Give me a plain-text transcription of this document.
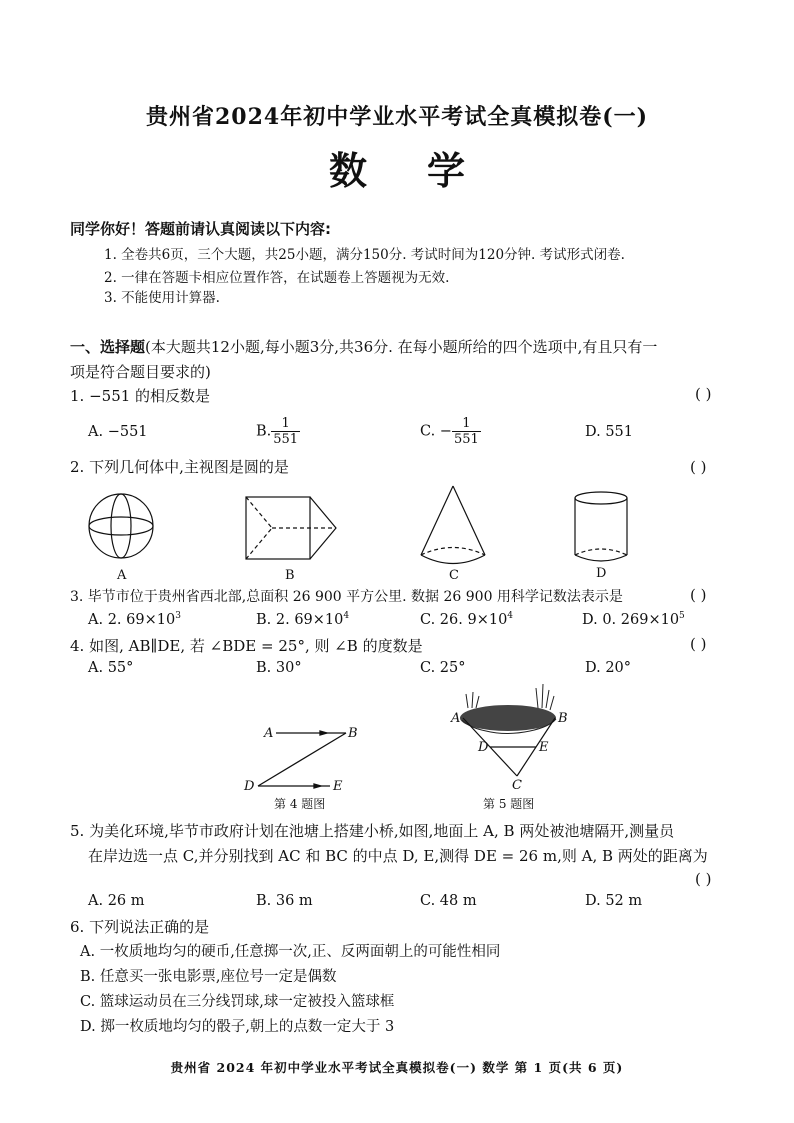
贵州省2024年初中学业水平考试全真模拟卷(一)
数 学
同学你好！答题前请认真阅读以下内容:
1. 全卷共6页，三个大题，共25小题，满分150分. 考试时间为120分钟. 考试形式闭卷.
2. 一律在答题卡相应位置作答，在试题卷上答题视为无效.
3. 不能使用计算器.
一、选择题(本大题共12小题,每小题3分,共36分. 在每小题所给的四个选项中,有且只有一
项是符合题目要求的)
1. −551 的相反数是	( )
A. −551	B. $\frac{1}{551}$	C. − $\frac{1}{551}$	D. 551
2. 下列几何体中,主视图是圆的是	( )
A	B	C	D
3. 毕节市位于贵州省西北部,总面积 26 900 平方公里. 数据 26 900 用科学记数法表示是	( )
A. 2. $69\times 10^3$	B. 2. $69\times 10^4$	C. 26. $9\times 10^4$	D. 0. $269\times 10^5$
4. 如图, AB∥DE, 若 ∠BDE = 25°, 则 ∠B 的度数是	( )
A. 55°	B. 30°	C. 25°	D. 20°
A	B
D	E
第 4 题图
A	B
D	E
C
第 5 题图
5. 为美化环境,毕节市政府计划在池塘上搭建小桥,如图,地面上 A, B 两处被池塘隔开,测量员
在岸边选一点 C,并分别找到 AC 和 BC 的中点 D, E,测得 DE = 26 m,则 A, B 两处的距离为
( )
A. 26 m	B. 36 m	C. 48 m	D. 52 m
6. 下列说法正确的是
A. 一枚质地均匀的硬币,任意掷一次,正、反两面朝上的可能性相同
B. 任意买一张电影票,座位号一定是偶数
C. 篮球运动员在三分线罚球,球一定被投入篮球框
D. 掷一枚质地均匀的骰子,朝上的点数一定大于 3
贵州省 2024 年初中学业水平考试全真模拟卷(一) 数学 第 1 页(共 6 页)
